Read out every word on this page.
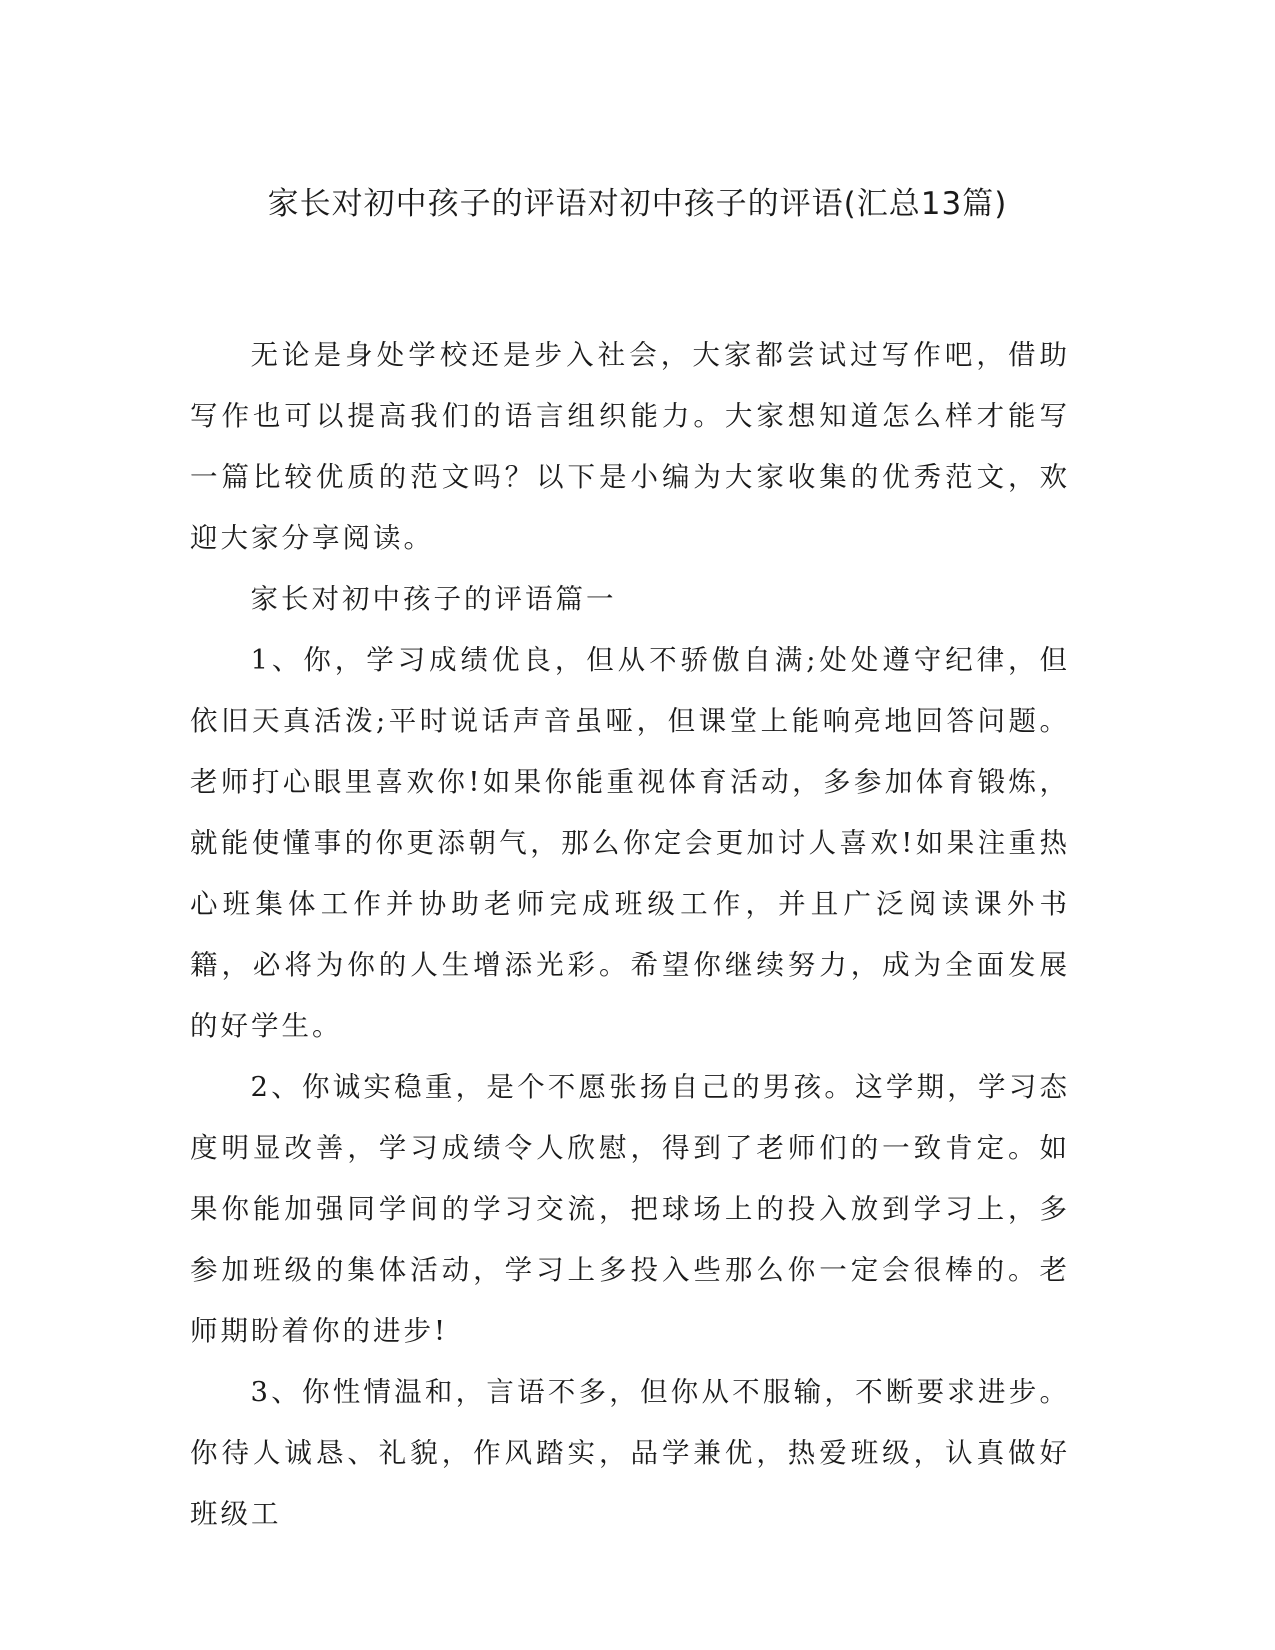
家长对初中孩子的评语对初中孩子的评语(汇总13篇)

无论是身处学校还是步入社会，大家都尝试过写作吧，借助写作也可以提高我们的语言组织能力。大家想知道怎么样才能写一篇比较优质的范文吗？以下是小编为大家收集的优秀范文，欢迎大家分享阅读。

家长对初中孩子的评语篇一

1、你，学习成绩优良，但从不骄傲自满;处处遵守纪律，但依旧天真活泼;平时说话声音虽哑，但课堂上能响亮地回答问题。老师打心眼里喜欢你!如果你能重视体育活动，多参加体育锻炼，就能使懂事的你更添朝气，那么你定会更加讨人喜欢!如果注重热心班集体工作并协助老师完成班级工作，并且广泛阅读课外书籍，必将为你的人生增添光彩。希望你继续努力，成为全面发展的好学生。

2、你诚实稳重，是个不愿张扬自己的男孩。这学期，学习态度明显改善，学习成绩令人欣慰，得到了老师们的一致肯定。如果你能加强同学间的学习交流，把球场上的投入放到学习上，多参加班级的集体活动，学习上多投入些那么你一定会很棒的。老师期盼着你的进步!

3、你性情温和，言语不多，但你从不服输，不断要求进步。你待人诚恳、礼貌，作风踏实，品学兼优，热爱班级，认真做好班级工
